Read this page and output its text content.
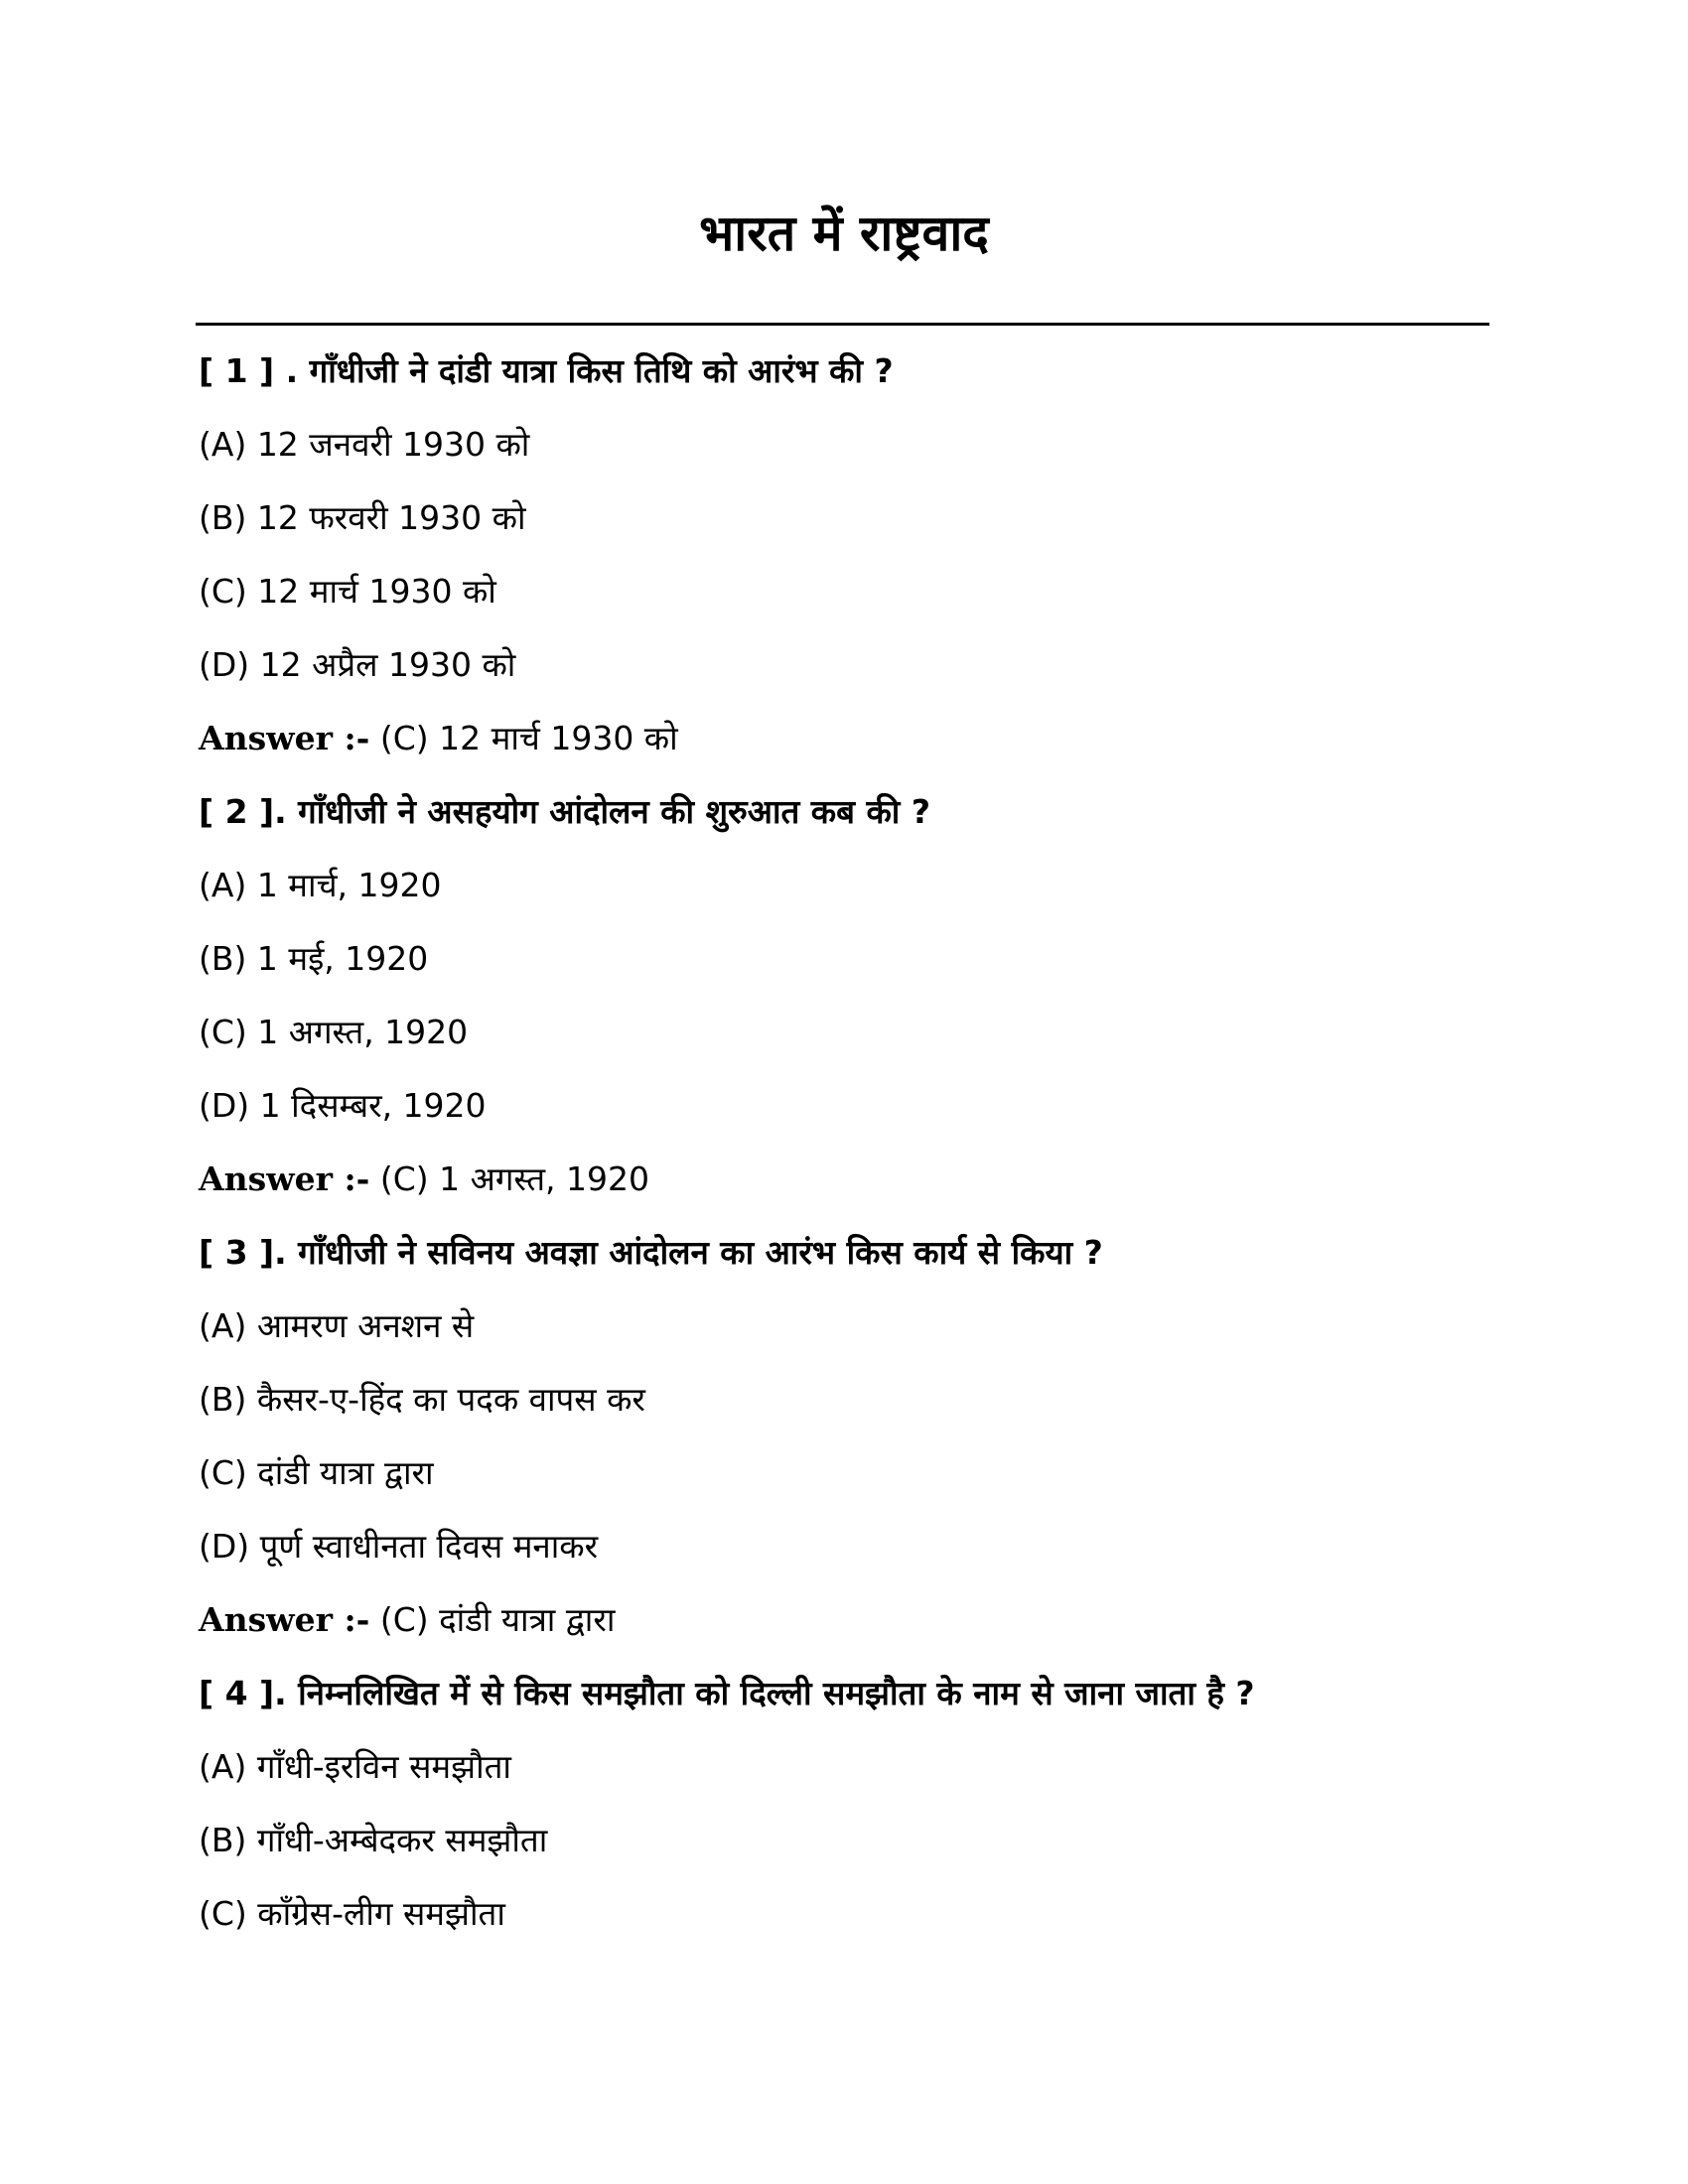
भारत में राष्ट्रवाद
[ 1 ] . गाँधीजी ने दांडी यात्रा किस तिथि को आरंभ की ?
(A) 12 जनवरी 1930 को
(B) 12 फरवरी 1930 को
(C) 12 मार्च 1930 को
(D) 12 अप्रैल 1930 को
Answer :- (C) 12 मार्च 1930 को
[ 2 ]. गाँधीजी ने असहयोग आंदोलन की शुरुआत कब की ?
(A) 1 मार्च, 1920
(B) 1 मई, 1920
(C) 1 अगस्त, 1920
(D) 1 दिसम्बर, 1920
Answer :- (C) 1 अगस्त, 1920
[ 3 ]. गाँधीजी ने सविनय अवज्ञा आंदोलन का आरंभ किस कार्य से किया ?
(A) आमरण अनशन से
(B) कैसर-ए-हिंद का पदक वापस कर
(C) दांडी यात्रा द्वारा
(D) पूर्ण स्वाधीनता दिवस मनाकर
Answer :- (C) दांडी यात्रा द्वारा
[ 4 ]. निम्नलिखित में से किस समझौता को दिल्ली समझौता के नाम से जाना जाता है ?
(A) गाँधी-इरविन समझौता
(B) गाँधी-अम्बेदकर समझौता
(C) काँग्रेस-लीग समझौता
